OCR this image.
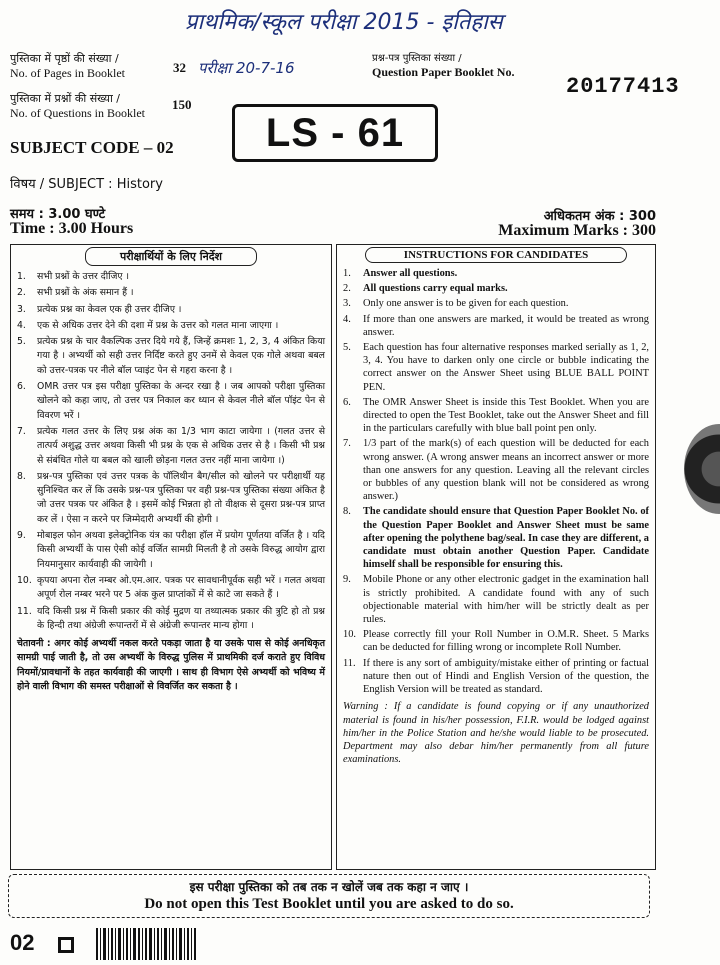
प्राथमिक/स्कूल परीक्षा 2015 - इतिहास
परीक्षा 20-7-16
पुस्तिका में पृष्ठों की संख्या /
No. of Pages in Booklet	32
पुस्तिका में प्रश्नों की संख्या /
No. of Questions in Booklet
150
प्रश्न-पत्र पुस्तिका संख्या /
Question Paper Booklet No.
20177413
LS - 61
SUBJECT CODE – 02
विषय / SUBJECT : History
समय : 3.00 घण्टे
Time : 3.00 Hours
अधिकतम अंक : 300
Maximum Marks : 300
परीक्षार्थियों के लिए निर्देश
1.	सभी प्रश्नों के उत्तर दीजिए ।
2.	सभी प्रश्नों के अंक समान हैं ।
3.	प्रत्येक प्रश्न का केवल एक ही उत्तर दीजिए ।
4.	एक से अधिक उत्तर देने की दशा में प्रश्न के उत्तर को गलत माना जाएगा ।
5.	प्रत्येक प्रश्न के चार वैकल्पिक उत्तर दिये गये हैं, जिन्हें क्रमशः 1, 2, 3, 4 अंकित किया गया है । अभ्यर्थी को सही उत्तर निर्दिष्ट करते हुए उनमें से केवल एक गोले अथवा बबल को उत्तर-पत्रक पर नीले बॉल प्वाइंट पेन से गहरा करना है ।
6.	OMR उत्तर पत्र इस परीक्षा पुस्तिका के अन्दर रखा है । जब आपको परीक्षा पुस्तिका खोलने को कहा जाए, तो उत्तर पत्र निकाल कर ध्यान से केवल नीले बॉल पॉइंट पेन से विवरण भरें ।
7.	प्रत्येक गलत उत्तर के लिए प्रश्न अंक का 1/3 भाग काटा जायेगा । (गलत उत्तर से तात्पर्य अशुद्ध उत्तर अथवा किसी भी प्रश्न के एक से अधिक उत्तर से है । किसी भी प्रश्न से संबंधित गोले या बबल को खाली छोड़ना गलत उत्तर नहीं माना जायेगा ।)
8.	प्रश्न-पत्र पुस्तिका एवं उत्तर पत्रक के पॉलिथीन बैग/सील को खोलने पर परीक्षार्थी यह सुनिश्चित कर लें कि उसके प्रश्न-पत्र पुस्तिका पर वही प्रश्न-पत्र पुस्तिका संख्या अंकित है जो उत्तर पत्रक पर अंकित है । इसमें कोई भिन्नता हो तो वीक्षक से दूसरा प्रश्न-पत्र प्राप्त कर लें । ऐसा न करने पर जिम्मेदारी अभ्यर्थी की होगी ।
9.	मोबाइल फोन अथवा इलेक्ट्रोनिक यंत्र का परीक्षा हॉल में प्रयोग पूर्णतया वर्जित है । यदि किसी अभ्यर्थी के पास ऐसी कोई वर्जित सामग्री मिलती है तो उसके विरुद्ध आयोग द्वारा नियमानुसार कार्यवाही की जायेगी ।
10. कृपया अपना रोल नम्बर ओ.एम.आर. पत्रक पर सावधानीपूर्वक सही भरें । गलत अथवा अपूर्ण रोल नम्बर भरने पर 5 अंक कुल प्राप्तांकों में से काटे जा सकते हैं ।
11. यदि किसी प्रश्न में किसी प्रकार की कोई मुद्रण या तथ्यात्मक प्रकार की त्रुटि हो तो प्रश्न के हिन्दी तथा अंग्रेजी रूपान्तरों में से अंग्रेजी रूपान्तर मान्य होगा ।
चेतावनी : अगर कोई अभ्यर्थी नकल करते पकड़ा जाता है या उसके पास से कोई अनधिकृत सामग्री पाई जाती है, तो उस अभ्यर्थी के विरुद्ध पुलिस में प्राथमिकी दर्ज कराते हुए विविध नियमों/प्रावधानों के तहत कार्यवाही की जाएगी । साथ ही विभाग ऐसे अभ्यर्थी को भविष्य में होने वाली विभाग की समस्त परीक्षाओं से विवर्जित कर सकता है ।
INSTRUCTIONS FOR CANDIDATES
1.	Answer all questions.
2.	All questions carry equal marks.
3.	Only one answer is to be given for each question.
4.	If more than one answers are marked, it would be treated as wrong answer.
5.	Each question has four alternative responses marked serially as 1, 2, 3, 4. You have to darken only one circle or bubble indicating the correct answer on the Answer Sheet using BLUE BALL POINT PEN.
6.	The OMR Answer Sheet is inside this Test Booklet. When you are directed to open the Test Booklet, take out the Answer Sheet and fill in the particulars carefully with blue ball point pen only.
7.	1/3 part of the mark(s) of each question will be deducted for each wrong answer. (A wrong answer means an incorrect answer or more than one answers for any question. Leaving all the relevant circles or bubbles of any question blank will not be considered as wrong answer.)
8.	The candidate should ensure that Question Paper Booklet No. of the Question Paper Booklet and Answer Sheet must be same after opening the polythene bag/seal. In case they are different, a candidate must obtain another Question Paper. Candidate himself shall be responsible for ensuring this.
9.	Mobile Phone or any other electronic gadget in the examination hall is strictly prohibited. A candidate found with any of such objectionable material with him/her will be strictly dealt as per rules.
10. Please correctly fill your Roll Number in O.M.R. Sheet. 5 Marks can be deducted for filling wrong or incomplete Roll Number.
11. If there is any sort of ambiguity/mistake either of printing or factual nature then out of Hindi and English Version of the question, the English Version will be treated as standard.
Warning : If a candidate is found copying or if any unauthorized material is found in his/her possession, F.I.R. would be lodged against him/her in the Police Station and he/she would liable to be prosecuted. Department may also debar him/her permanently from all future examinations.
इस परीक्षा पुस्तिका को तब तक न खोलें जब तक कहा न जाए ।
Do not open this Test Booklet until you are asked to do so.
02
